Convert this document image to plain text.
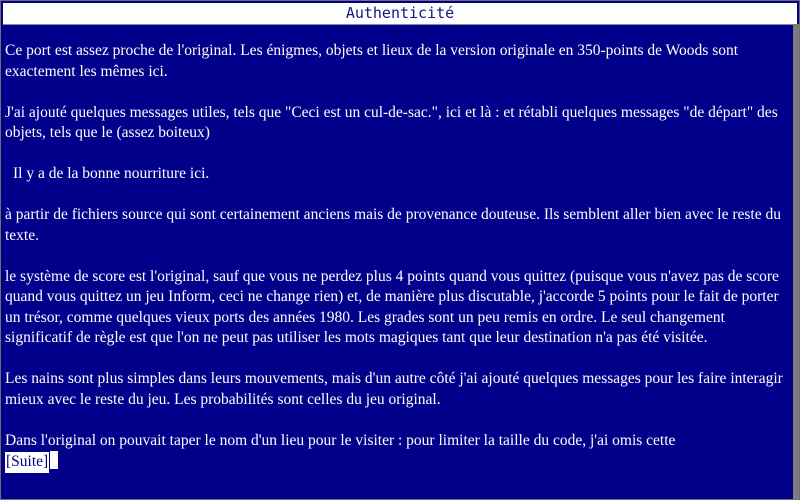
Authenticité

Ce port est assez proche de l'original. Les énigmes, objets et lieux de la version originale en 350-points de Woods sont exactement les mêmes ici.

J'ai ajouté quelques messages utiles, tels que "Ceci est un cul-de-sac.", ici et là : et rétabli quelques messages "de départ" des objets, tels que le (assez boiteux)

Il y a de la bonne nourriture ici.

à partir de fichiers source qui sont certainement anciens mais de provenance douteuse. Ils semblent aller bien avec le reste du texte.

le système de score est l'original, sauf que vous ne perdez plus 4 points quand vous quittez (puisque vous n'avez pas de score quand vous quittez un jeu Inform, ceci ne change rien) et, de manière plus discutable, j'accorde 5 points pour le fait de porter un trésor, comme quelques vieux ports des années 1980. Les grades sont un peu remis en ordre. Le seul changement significatif de règle est que l'on ne peut pas utiliser les mots magiques tant que leur destination n'a pas été visitée.

Les nains sont plus simples dans leurs mouvements, mais d'un autre côté j'ai ajouté quelques messages pour les faire interagir mieux avec le reste du jeu. Les probabilités sont celles du jeu original.

Dans l'original on pouvait taper le nom d'un lieu pour le visiter : pour limiter la taille du code, j'ai omis cette

[Suite]
